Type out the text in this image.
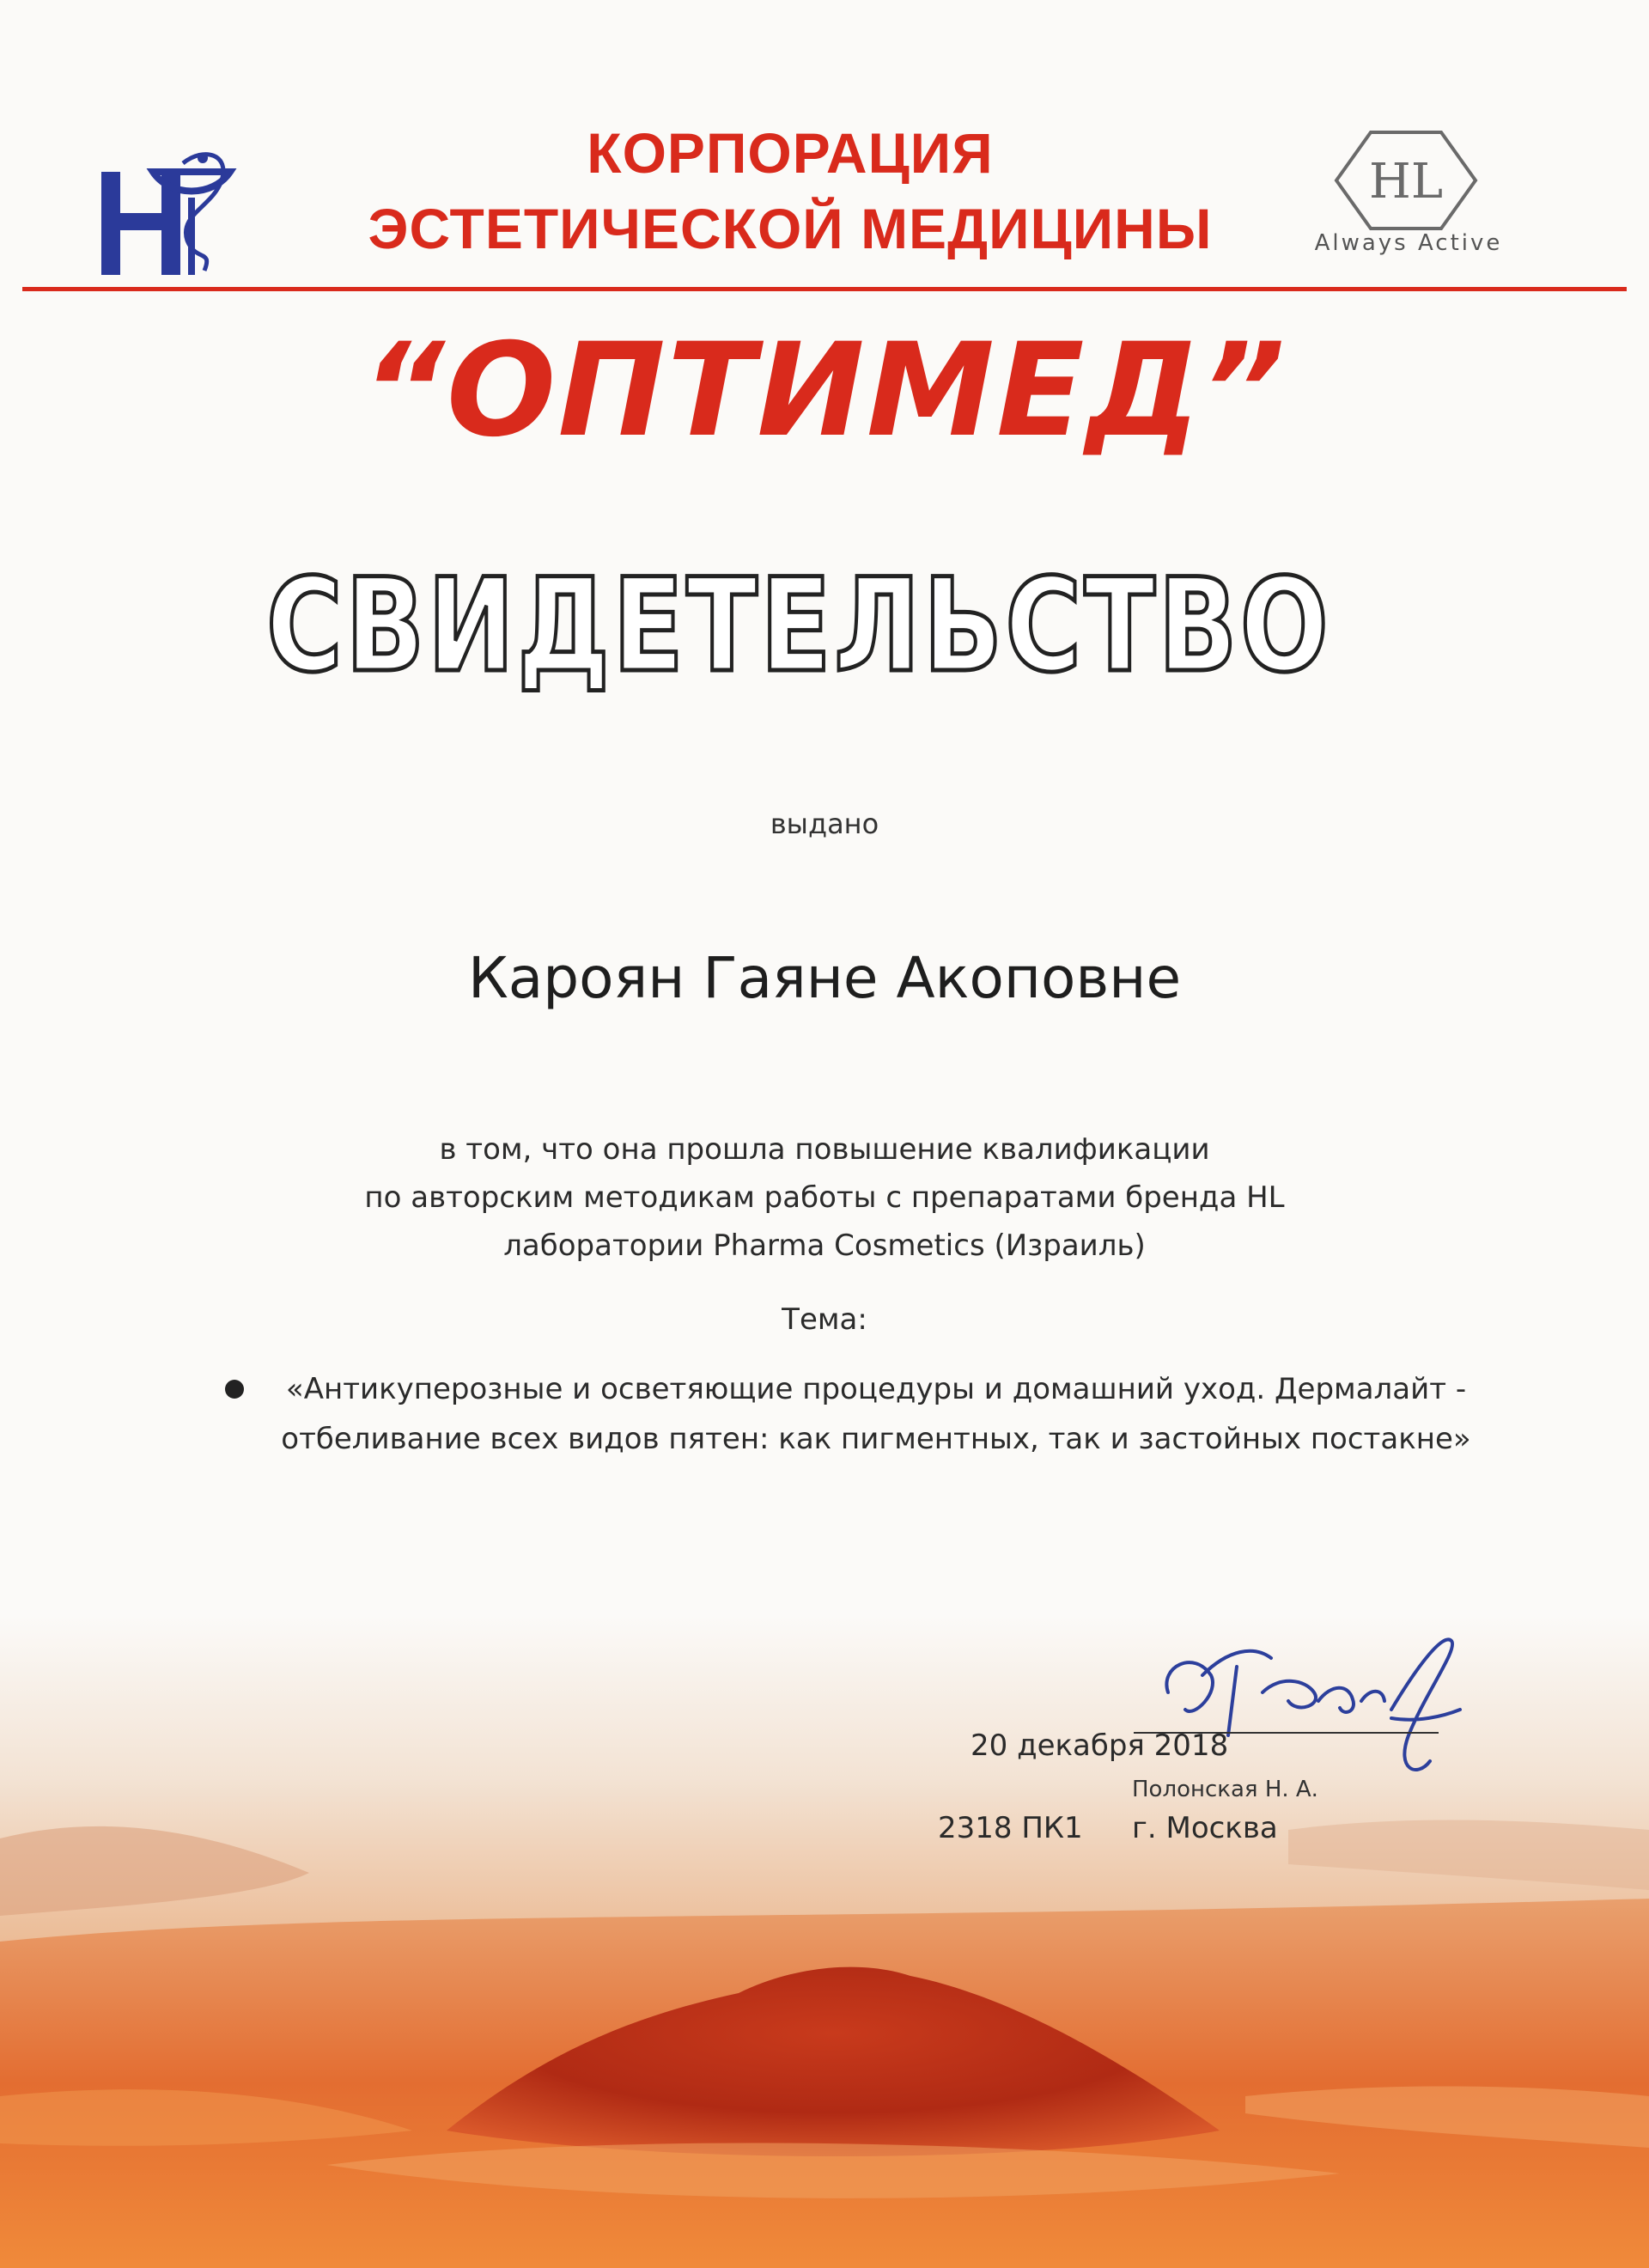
КОРПОРАЦИЯ
ЭСТЕТИЧЕСКОЙ МЕДИЦИНЫ
HL
Always Active
“ОПТИМЕД”
СВИДЕТЕЛЬСТВО
выдано
Кароян Гаяне Акоповне
в том, что она прошла повышение квалификации
по авторским методикам работы с препаратами бренда HL
лаборатории Pharma Cosmetics (Израиль)
Тема:
«Антикуперозные и осветяющие процедуры и домашний уход. Дермалайт -
отбеливание всех видов пятен: как пигментных, так и застойных постакне»
20 декабря 2018
Полонская Н. А.
2318 ПК1	г. Москва
